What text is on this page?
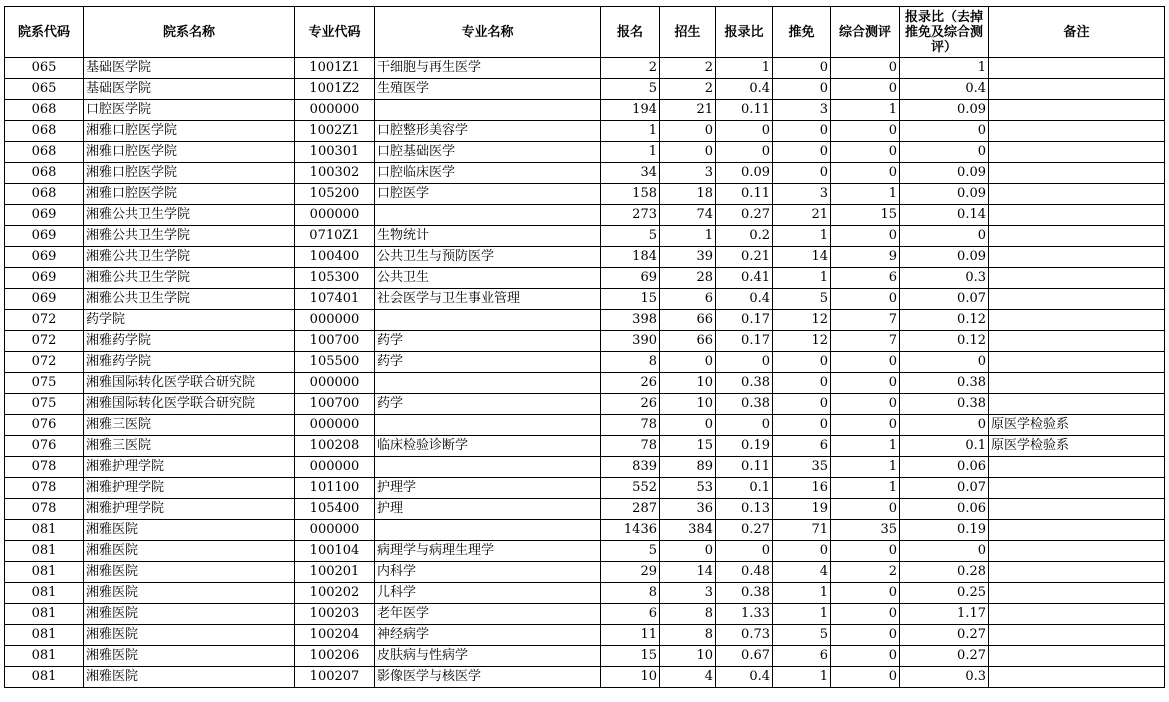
院系代码	院系名称	专业代码	专业名称	报名	招生	报录比	推免	综合测评	报录比（去掉推免及综合测评）	备注
065	基础医学院	1001Z1	干细胞与再生医学	2	2	1	0	0	1	
065	基础医学院	1001Z2	生殖医学	5	2	0.4	0	0	0.4	
068	口腔医学院	000000		194	21	0.11	3	1	0.09	
068	湘雅口腔医学院	1002Z1	口腔整形美容学	1	0	0	0	0	0	
068	湘雅口腔医学院	100301	口腔基础医学	1	0	0	0	0	0	
068	湘雅口腔医学院	100302	口腔临床医学	34	3	0.09	0	0	0.09	
068	湘雅口腔医学院	105200	口腔医学	158	18	0.11	3	1	0.09	
069	湘雅公共卫生学院	000000		273	74	0.27	21	15	0.14	
069	湘雅公共卫生学院	0710Z1	生物统计	5	1	0.2	1	0	0	
069	湘雅公共卫生学院	100400	公共卫生与预防医学	184	39	0.21	14	9	0.09	
069	湘雅公共卫生学院	105300	公共卫生	69	28	0.41	1	6	0.3	
069	湘雅公共卫生学院	107401	社会医学与卫生事业管理	15	6	0.4	5	0	0.07	
072	药学院	000000		398	66	0.17	12	7	0.12	
072	湘雅药学院	100700	药学	390	66	0.17	12	7	0.12	
072	湘雅药学院	105500	药学	8	0	0	0	0	0	
075	湘雅国际转化医学联合研究院	000000		26	10	0.38	0	0	0.38	
075	湘雅国际转化医学联合研究院	100700	药学	26	10	0.38	0	0	0.38	
076	湘雅三医院	000000		78	0	0	0	0	0	原医学检验系
076	湘雅三医院	100208	临床检验诊断学	78	15	0.19	6	1	0.1	原医学检验系
078	湘雅护理学院	000000		839	89	0.11	35	1	0.06	
078	湘雅护理学院	101100	护理学	552	53	0.1	16	1	0.07	
078	湘雅护理学院	105400	护理	287	36	0.13	19	0	0.06	
081	湘雅医院	000000		1436	384	0.27	71	35	0.19	
081	湘雅医院	100104	病理学与病理生理学	5	0	0	0	0	0	
081	湘雅医院	100201	内科学	29	14	0.48	4	2	0.28	
081	湘雅医院	100202	儿科学	8	3	0.38	1	0	0.25	
081	湘雅医院	100203	老年医学	6	8	1.33	1	0	1.17	
081	湘雅医院	100204	神经病学	11	8	0.73	5	0	0.27	
081	湘雅医院	100206	皮肤病与性病学	15	10	0.67	6	0	0.27	
081	湘雅医院	100207	影像医学与核医学	10	4	0.4	1	0	0.3	
